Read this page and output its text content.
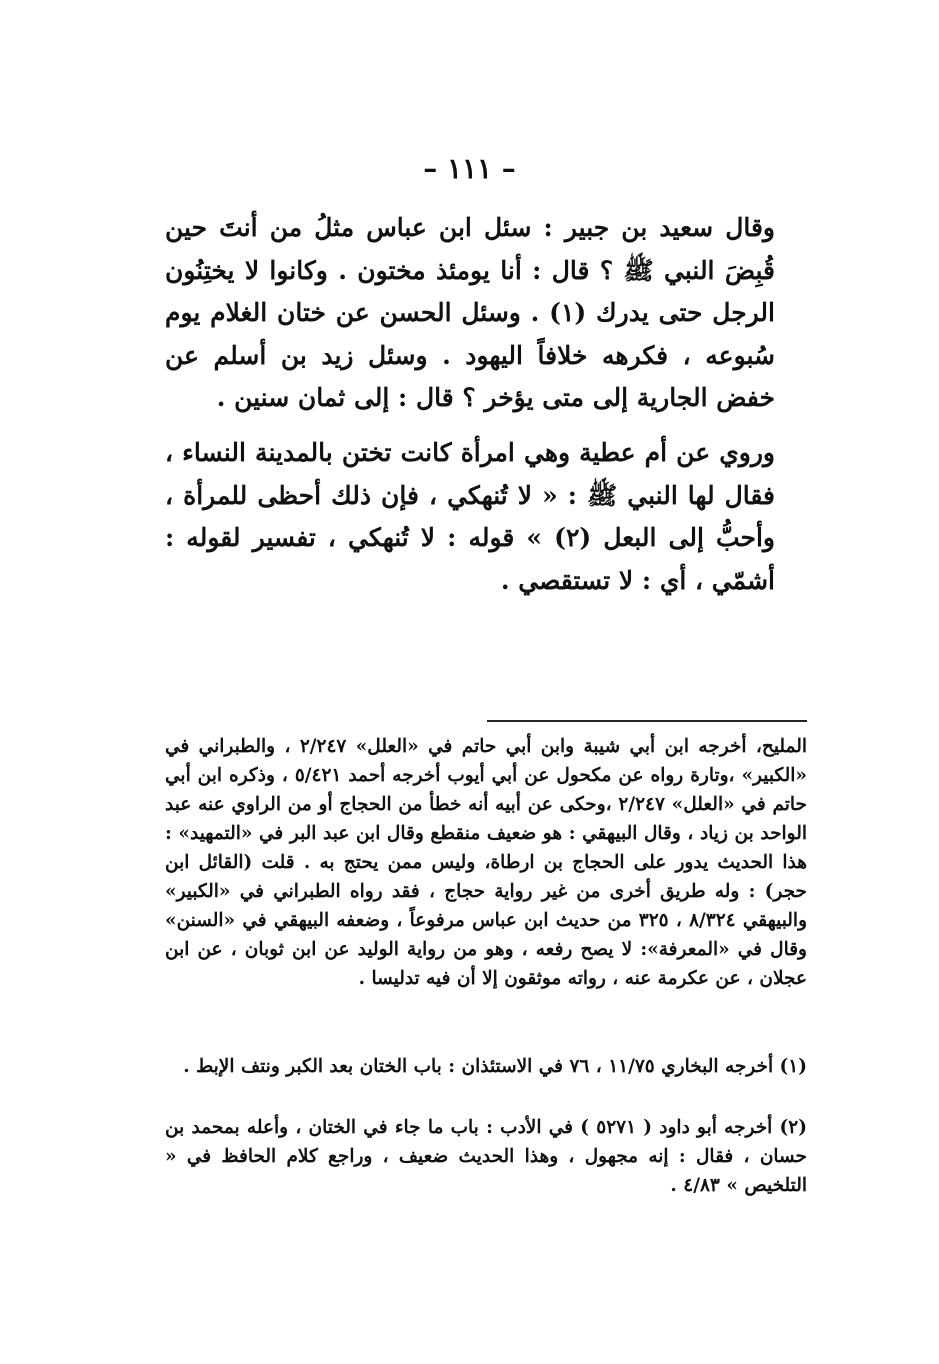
– ١١١ –
وقال سعيد بن جبير : سئل ابن عباس مثلُ من أنتَ حين قُبِضَ النبي ﷺ ؟ قال : أنا يومئذ مختون . وكانوا لا يختِنُون الرجل حتى يدرك (١) . وسئل الحسن عن ختان الغلام يوم سُبوعه ، فكرهه خلافاً اليهود . وسئل زيد بن أسلم عن خفض الجارية إلى متى يؤخر ؟ قال : إلى ثمان سنين .
وروي عن أم عطية وهي امرأة كانت تختن بالمدينة النساء ، فقال لها النبي ﷺ : « لا تُنهكي ، فإن ذلك أحظى للمرأة ، وأحبُّ إلى البعل (٢) » قوله : لا تُنهكي ، تفسير لقوله : أشمّي ، أي : لا تستقصي .

المليح، أخرجه ابن أبي شيبة وابن أبي حاتم في «العلل» ٢/٢٤٧ ، والطبراني في «الكبير» ،وتارة رواه عن مكحول عن أبي أيوب أخرجه أحمد ٥/٤٢١ ، وذكره ابن أبي حاتم في «العلل» ٢/٢٤٧ ،وحكى عن أبيه أنه خطأ من الحجاج أو من الراوي عنه عبد الواحد بن زياد ، وقال البيهقي : هو ضعيف منقطع وقال ابن عبد البر في «التمهيد» : هذا الحديث يدور على الحجاج بن ارطاة، وليس ممن يحتج به . قلت (القائل ابن حجر) : وله طريق أخرى من غير رواية حجاج ، فقد رواه الطبراني في «الكبير» والبيهقي ٨/٣٢٤ ، ٣٢٥ من حديث ابن عباس مرفوعاً ، وضعفه البيهقي في «السنن» وقال في «المعرفة»: لا يصح رفعه ، وهو من رواية الوليد عن ابن ثوبان ، عن ابن عجلان ، عن عكرمة عنه ، رواته موثقون إلا أن فيه تدليسا .

(١) أخرجه البخاري ١١/٧٥ ، ٧٦ في الاستئذان : باب الختان بعد الكبر ونتف الإبط .

(٢) أخرجه أبو داود ( ٥٢٧١ ) في الأدب : باب ما جاء في الختان ، وأعله بمحمد بن حسان ، فقال : إنه مجهول ، وهذا الحديث ضعيف ، وراجع كلام الحافظ في « التلخيص » ٤/٨٣ .
